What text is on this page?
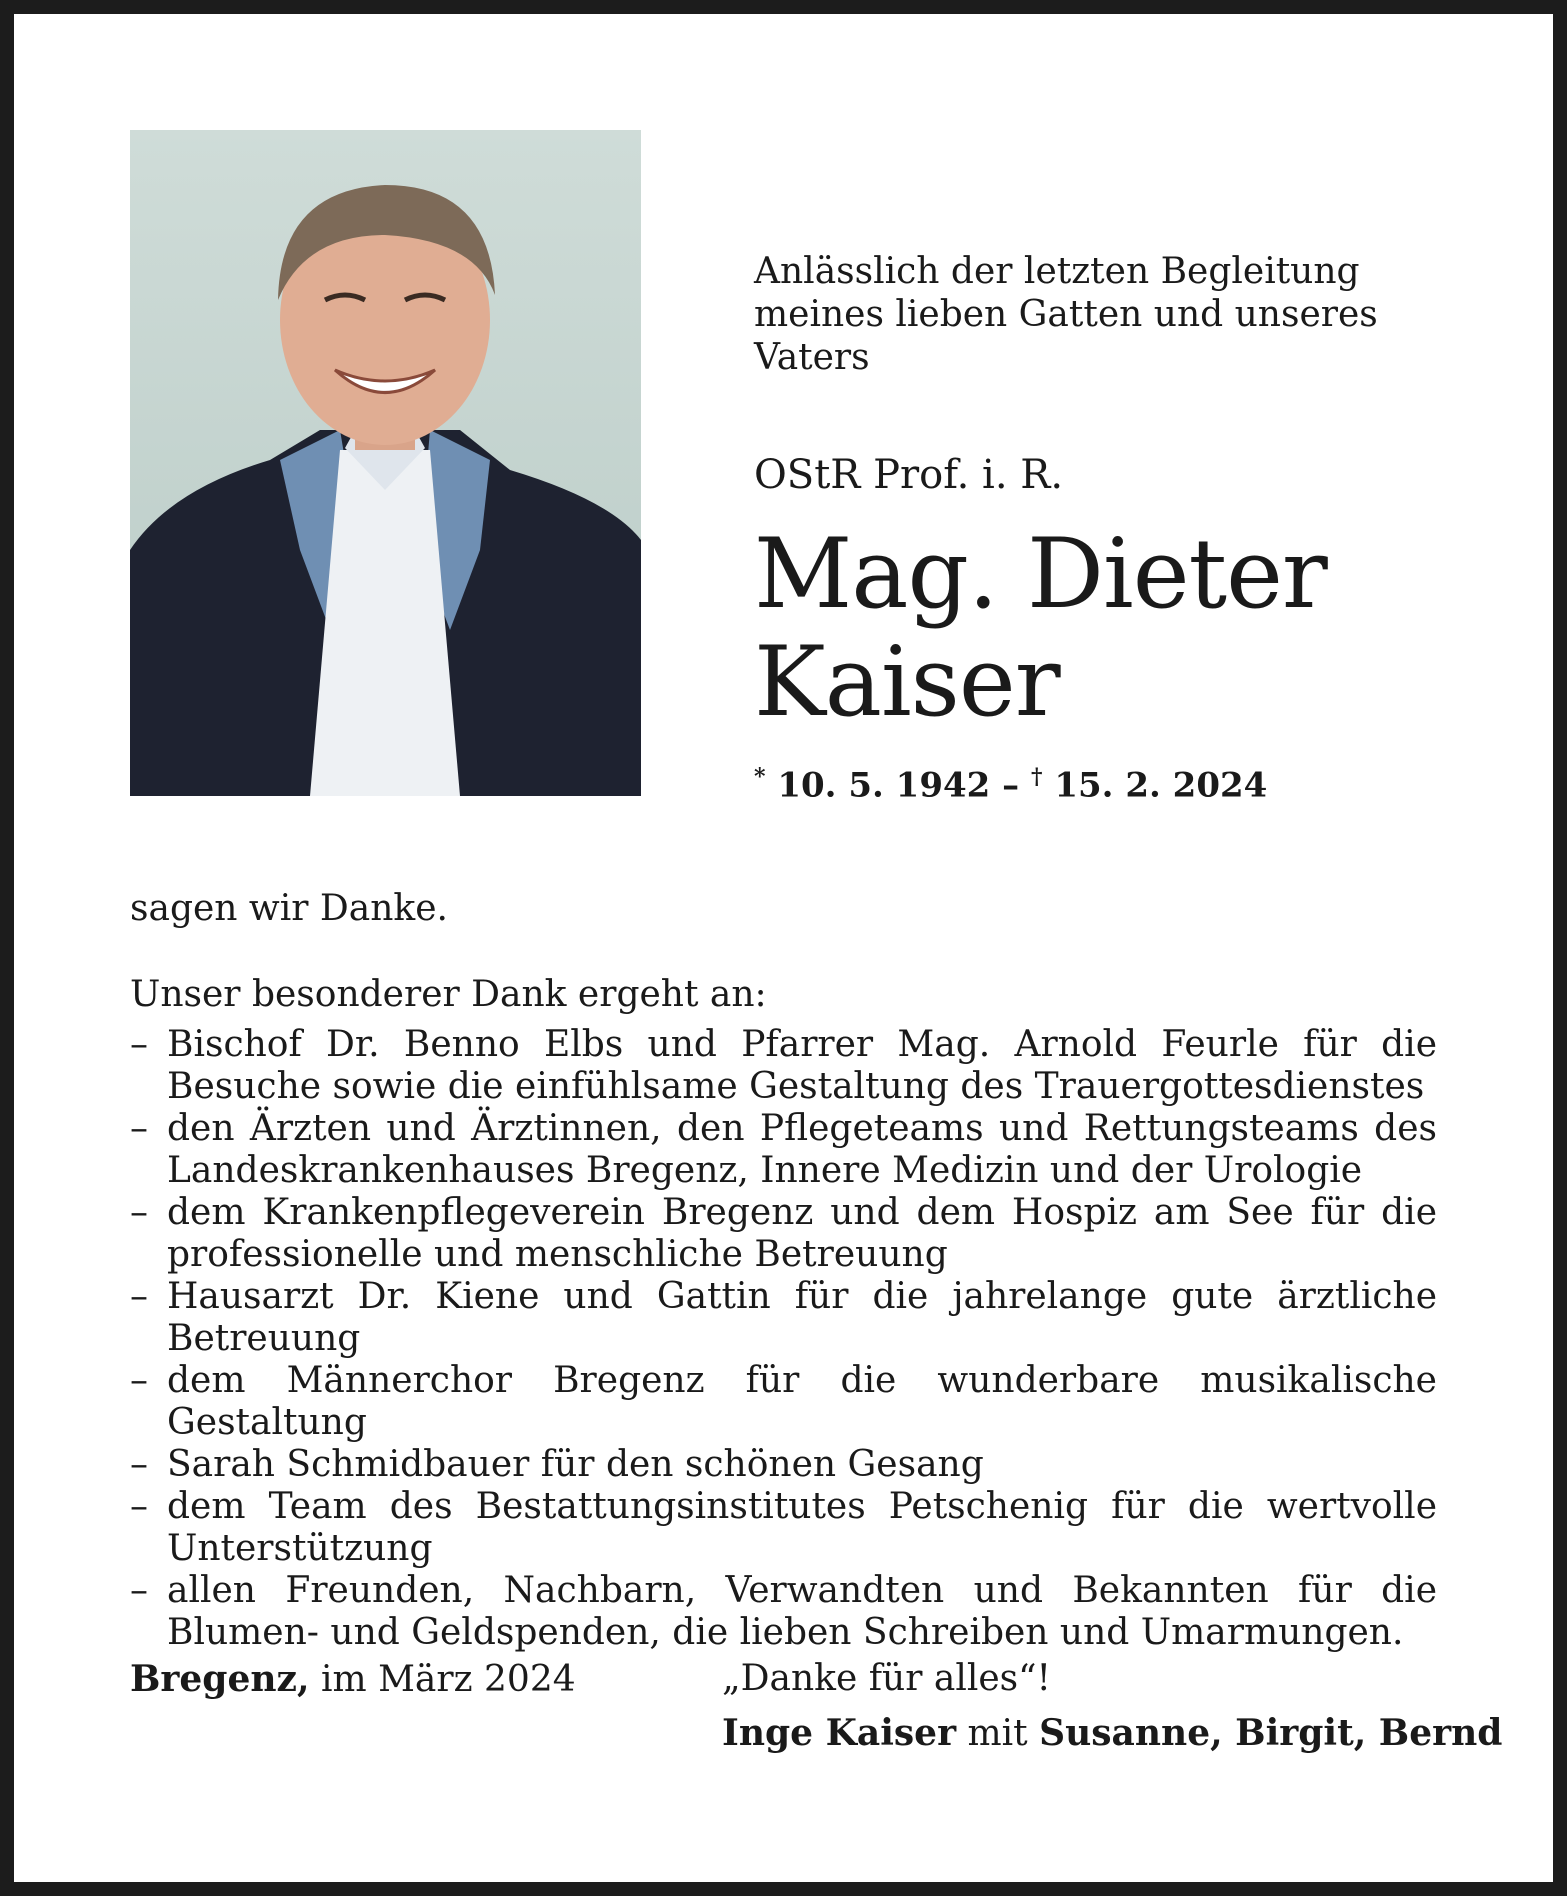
Anlässlich der letzten Begleitung meines lieben Gatten und unseres Vaters

OStR Prof. i. R.

Mag. Dieter
Kaiser

* 10. 5. 1942 – † 15. 2. 2024

sagen wir Danke.

Unser besonderer Dank ergeht an:

– Bischof Dr. Benno Elbs und Pfarrer Mag. Arnold Feurle für die Besuche sowie die einfühlsame Gestaltung des Trauergottesdienstes
– den Ärzten und Ärztinnen, den Pflegeteams und Rettungsteams des Landeskrankenhauses Bregenz, Innere Medizin und der Urologie
– dem Krankenpflegeverein Bregenz und dem Hospiz am See für die professionelle und menschliche Betreuung
– Hausarzt Dr. Kiene und Gattin für die jahrelange gute ärztliche Betreuung
– dem Männerchor Bregenz für die wunderbare musikalische Gestaltung
– Sarah Schmidbauer für den schönen Gesang
– dem Team des Bestattungsinstitutes Petschenig für die wertvolle Unterstützung
– allen Freunden, Nachbarn, Verwandten und Bekannten für die Blumen- und Geldspenden, die lieben Schreiben und Umarmungen.

Bregenz, im März 2024	„Danke für alles“!

Inge Kaiser mit Susanne, Birgit, Bernd
